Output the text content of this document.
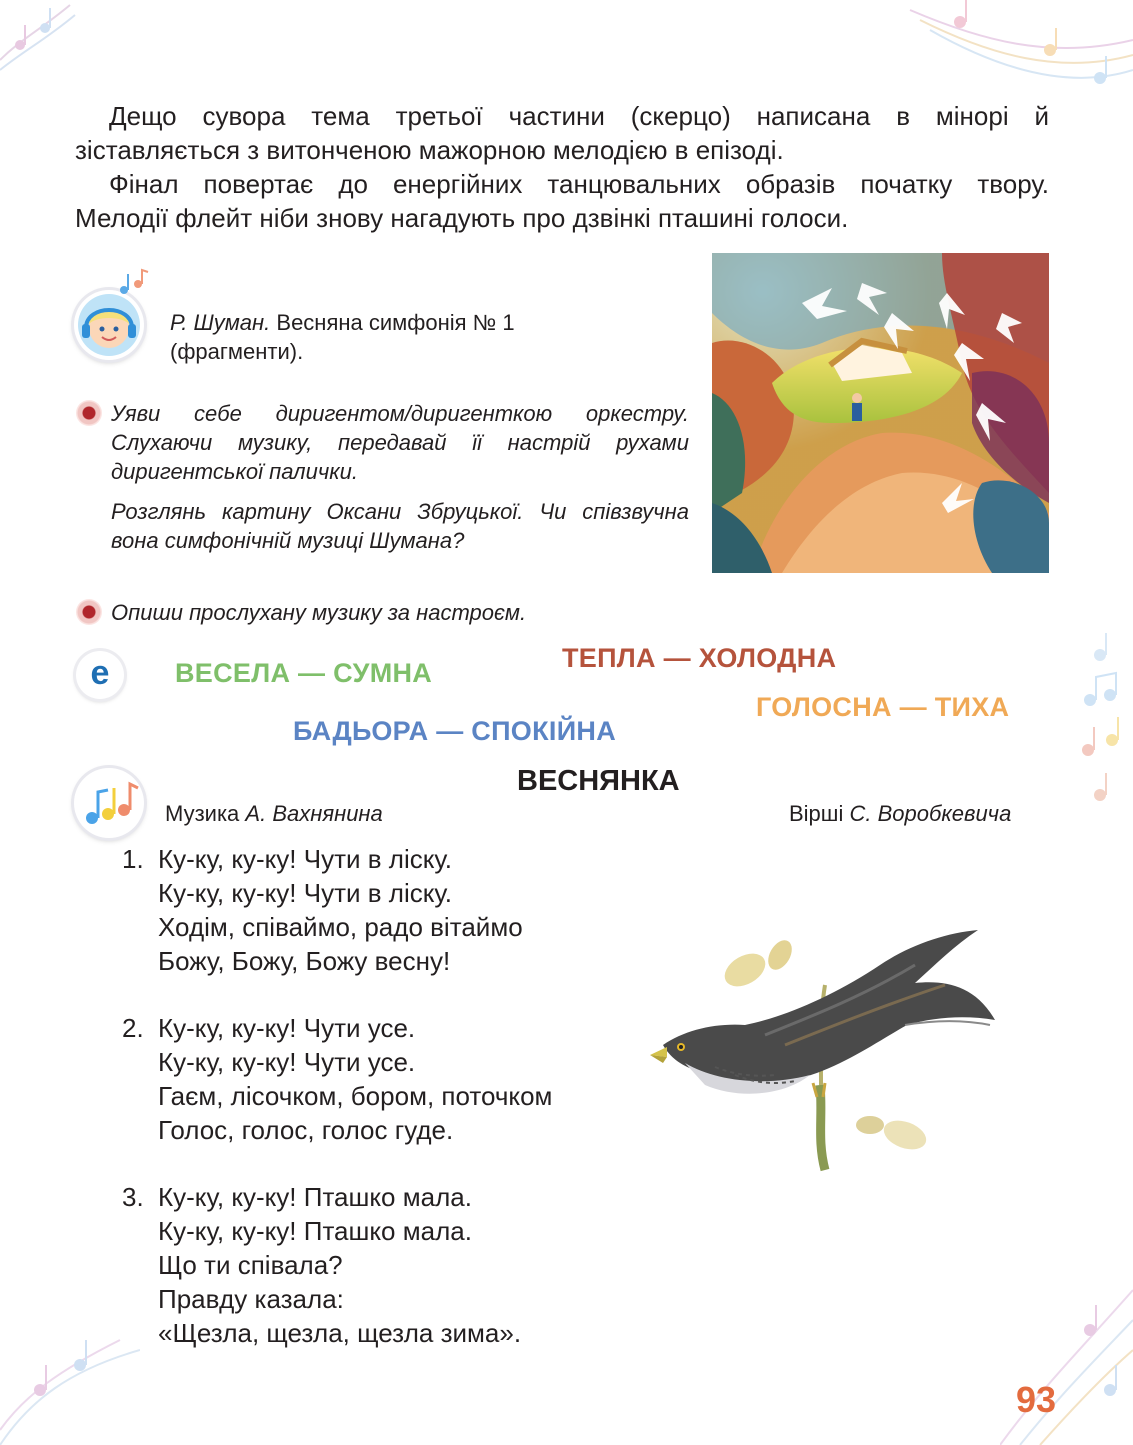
Дещо сувора тема третьої частини (скерцо) написана в мінорі й
зіставляється з витонченою мажорною мелодією в епізоді.
Фінал повертає до енергійних танцювальних образів початку твору.
Мелодії флейт ніби знову нагадують про дзвінкі пташині голоси.
Р. Шуман. Весняна симфонія № 1
(фрагменти).
Уяви себе диригентом/диригенткою оркестру.
Слухаючи музику, передавай її настрій рухами
диригентської палички.
Розглянь картину Оксани Збруцької. Чи співзвучна
вона симфонічній музиці Шумана?
Опиши прослухану музику за настроєм.
е	ВЕСЕЛА — СУМНА	ТЕПЛА — ХОЛОДНА
ГОЛОСНА — ТИХА
БАДЬОРА — СПОКІЙНА
ВЕСНЯНКА
Музика А. Вахнянина	Вірші С. Воробкевича
1. Ку-ку, ку-ку! Чути в ліску.
Ку-ку, ку-ку! Чути в ліску.
Ходім, співаймо, радо вітаймо
Божу, Божу, Божу весну!
2. Ку-ку, ку-ку! Чути усе.
Ку-ку, ку-ку! Чути усе.
Гаєм, лісочком, бором, поточком
Голос, голос, голос гуде.
3. Ку-ку, ку-ку! Пташко мала.
Ку-ку, ку-ку! Пташко мала.
Що ти співала?
Правду казала:
«Щезла, щезла, щезла зима».
93
